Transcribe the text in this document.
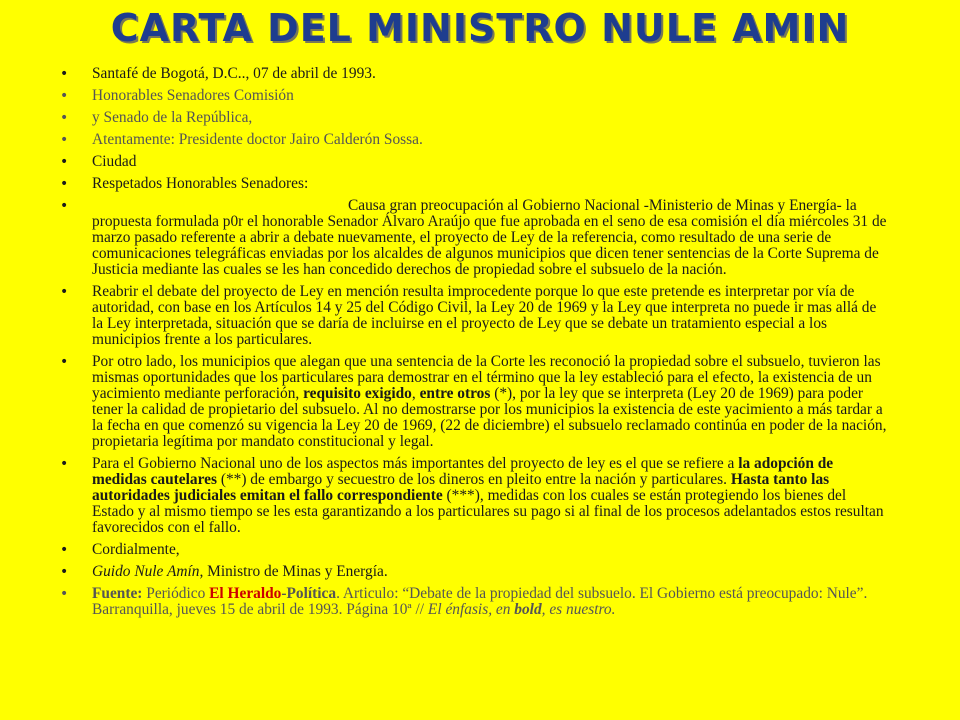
CARTA DEL MINISTRO NULE AMIN
• Santafé de Bogotá, D.C.., 07 de abril de 1993.
• Honorables Senadores Comisión
• y Senado de la República,
• Atentamente: Presidente doctor Jairo Calderón Sossa.
• Ciudad
• Respetados Honorables Senadores:
• Causa gran preocupación al Gobierno Nacional -Ministerio de Minas y Energía- la propuesta formulada p0r el honorable Senador Álvaro Araújo que fue aprobada en el seno de esa comisión el día miércoles 31 de marzo pasado referente a abrir a debate nuevamente, el proyecto de Ley de la referencia, como resultado de una serie de comunicaciones telegráficas enviadas por los alcaldes de algunos municipios que dicen tener sentencias de la Corte Suprema de Justicia mediante las cuales se les han concedido derechos de propiedad sobre el subsuelo de la nación.
• Reabrir el debate del proyecto de Ley en mención resulta improcedente porque lo que este pretende es interpretar por vía de autoridad, con base en los Artículos 14 y 25 del Código Civil, la Ley 20 de 1969 y la Ley que interpreta no puede ir mas allá de la Ley interpretada, situación que se daría de incluirse en el proyecto de Ley que se debate un tratamiento especial a los municipios frente a los particulares.
• Por otro lado, los municipios que alegan que una sentencia de la Corte les reconoció la propiedad sobre el subsuelo, tuvieron las mismas oportunidades que los particulares para demostrar en el término que la ley estableció para el efecto, la existencia de un yacimiento mediante perforación, requisito exigido, entre otros (*), por la ley que se interpreta (Ley 20 de 1969) para poder tener la calidad de propietario del subsuelo. Al no demostrarse por los municipios la existencia de este yacimiento a más tardar a la fecha en que comenzó su vigencia la Ley 20 de 1969, (22 de diciembre) el subsuelo reclamado continúa en poder de la nación, propietaria legítima por mandato constitucional y legal.
• Para el Gobierno Nacional uno de los aspectos más importantes del proyecto de ley es el que se refiere a la adopción de medidas cautelares (**) de embargo y secuestro de los dineros en pleito entre la nación y particulares. Hasta tanto las autoridades judiciales emitan el fallo correspondiente (***), medidas con los cuales se están protegiendo los bienes del Estado y al mismo tiempo se les esta garantizando a los particulares su pago si al final de los procesos adelantados estos resultan favorecidos con el fallo.
• Cordialmente,
• Guido Nule Amín, Ministro de Minas y Energía.
• Fuente: Periódico El Heraldo-Política. Articulo: “Debate de la propiedad del subsuelo. El Gobierno está preocupado: Nule”. Barranquilla, jueves 15 de abril de 1993. Página 10ª // El énfasis, en bold, es nuestro.
